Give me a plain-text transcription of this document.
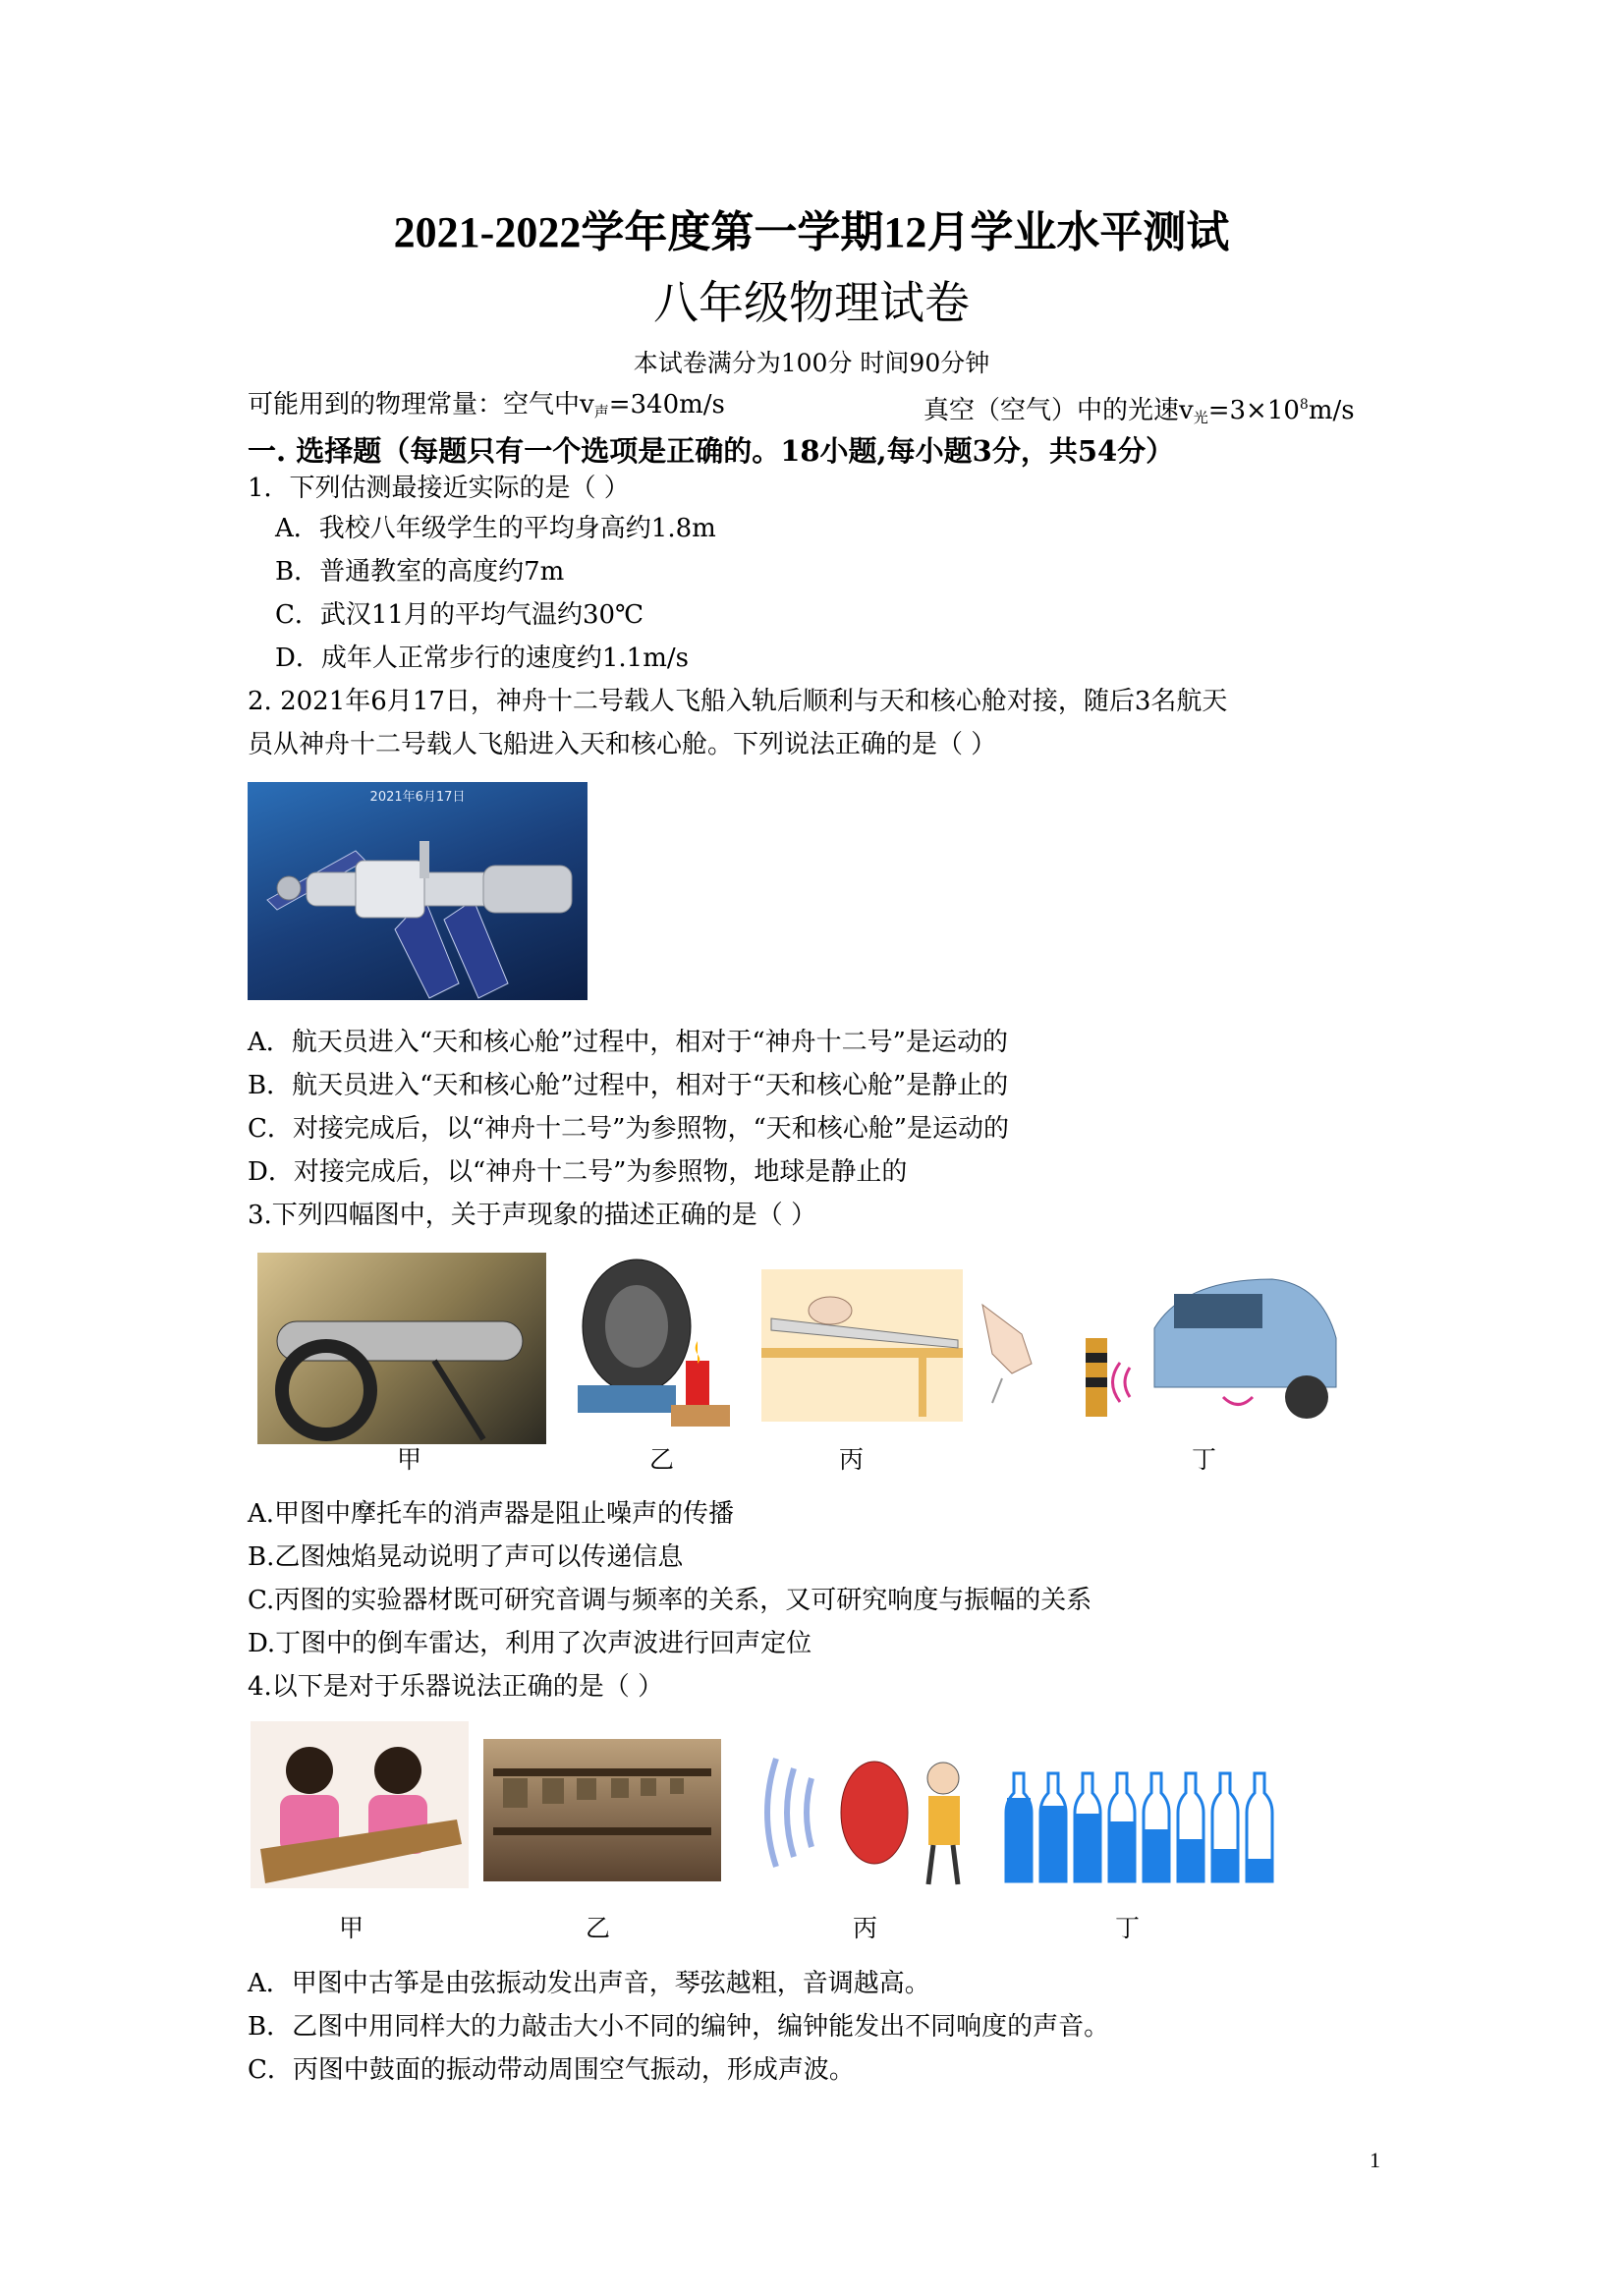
2021-2022学年度第一学期12月学业水平测试
八年级物理试卷
本试卷满分为100分 时间90分钟
可能用到的物理常量：空气中$v_声=340m/s$	真空（空气）中的光速$v_光=3\times 10^8m/s$
一. 选择题（每题只有一个选项是正确的。18小题,每小题3分，共54分）
1．下列估测最接近实际的是（ ）
A．我校八年级学生的平均身高约1.8m
B．普通教室的高度约7m
C．武汉11月的平均气温约30℃
D．成年人正常步行的速度约1.1m/s
2. 2021年6月17日，神舟十二号载人飞船入轨后顺利与天和核心舱对接，随后3名航天
员从神舟十二号载人飞船进入天和核心舱。下列说法正确的是（ ）
2021年6月17日
A．航天员进入“天和核心舱”过程中，相对于“神舟十二号”是运动的
B．航天员进入“天和核心舱”过程中，相对于“天和核心舱”是静止的
C．对接完成后，以“神舟十二号”为参照物，“天和核心舱”是运动的
D．对接完成后，以“神舟十二号”为参照物，地球是静止的
3.下列四幅图中，关于声现象的描述正确的是（ ）
甲	乙	丙	丁
A.甲图中摩托车的消声器是阻止噪声的传播
B.乙图烛焰晃动说明了声可以传递信息
C.丙图的实验器材既可研究音调与频率的关系，又可研究响度与振幅的关系
D.丁图中的倒车雷达，利用了次声波进行回声定位
4.以下是对于乐器说法正确的是（ ）
甲	乙	丙	丁
A．甲图中古筝是由弦振动发出声音，琴弦越粗，音调越高。
B．乙图中用同样大的力敲击大小不同的编钟，编钟能发出不同响度的声音。
C．丙图中鼓面的振动带动周围空气振动，形成声波。
1
